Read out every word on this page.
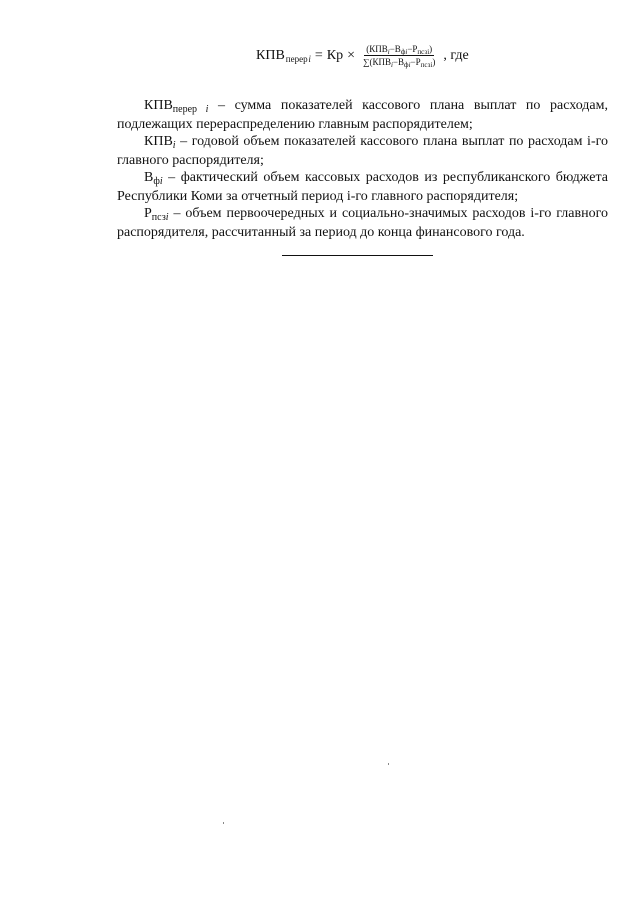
$КПВ_{перер i}$ = Кр × $\frac{(КПВ_i-В_{фi}-Р_{псзi})}{\sum(КПВ_i-В_{фi}-Р_{псзi})}$ , где

$КПВ_{перер i}$ – сумма показателей кассового плана выплат по расходам, подлежащих перераспределению главным распорядителем;

$КПВ_i$ – годовой объем показателей кассового плана выплат по расходам i-го главного распорядителя;

$В_{фi}$ – фактический объем кассовых расходов из республиканского бюджета Республики Коми за отчетный период i-го главного распорядителя;

$Р_{псзi}$ – объем первоочередных и социально-значимых расходов i-го главного распорядителя, рассчитанный за период до конца финансового года.
